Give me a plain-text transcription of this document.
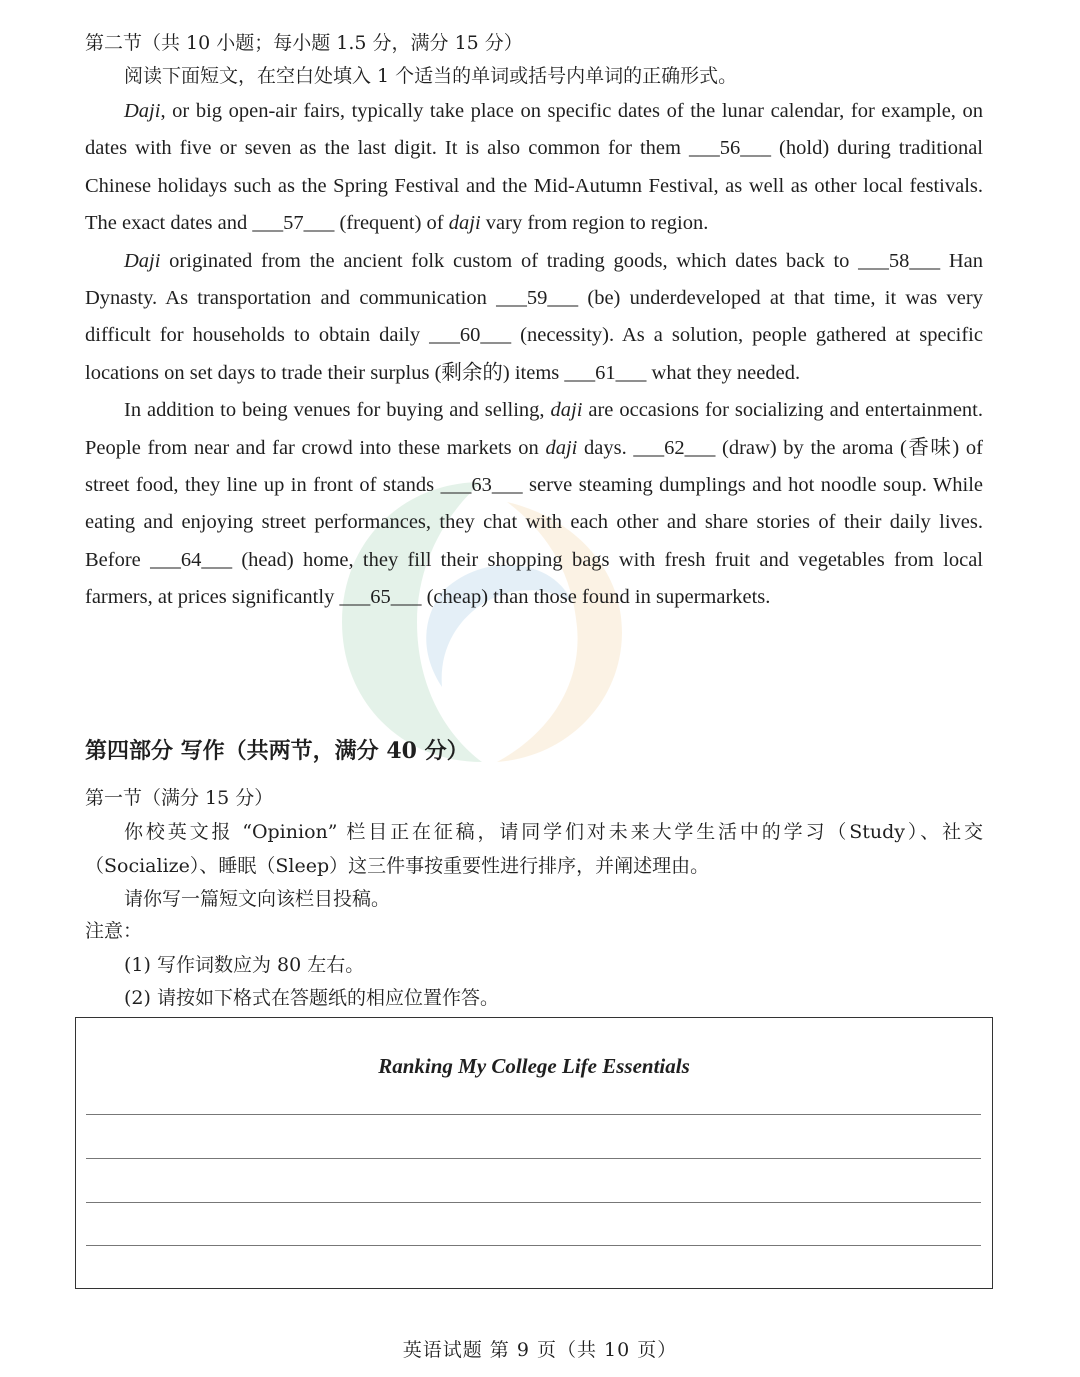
第二节（共 10 小题；每小题 1.5 分，满分 15 分）
阅读下面短文，在空白处填入 1 个适当的单词或括号内单词的正确形式。

Daji, or big open-air fairs, typically take place on specific dates of the lunar calendar, for example, on dates with five or seven as the last digit. It is also common for them ___56___ (hold) during traditional Chinese holidays such as the Spring Festival and the Mid-Autumn Festival, as well as other local festivals. The exact dates and ___57___ (frequent) of daji vary from region to region.

Daji originated from the ancient folk custom of trading goods, which dates back to ___58___ Han Dynasty. As transportation and communication ___59___ (be) underdeveloped at that time, it was very difficult for households to obtain daily ___60___ (necessity). As a solution, people gathered at specific locations on set days to trade their surplus (剩余的) items ___61___ what they needed.

In addition to being venues for buying and selling, daji are occasions for socializing and entertainment. People from near and far crowd into these markets on daji days. ___62___ (draw) by the aroma (香味) of street food, they line up in front of stands ___63___ serve steaming dumplings and hot noodle soup. While eating and enjoying street performances, they chat with each other and share stories of their daily lives. Before ___64___ (head) home, they fill their shopping bags with fresh fruit and vegetables from local farmers, at prices significantly ___65___ (cheap) than those found in supermarkets.

第四部分 写作（共两节，满分 40 分）
第一节（满分 15 分）

你校英文报 “Opinion” 栏目正在征稿，请同学们对未来大学生活中的学习（Study）、社交（Socialize）、睡眠（Sleep）这三件事按重要性进行排序，并阐述理由。

请你写一篇短文向该栏目投稿。

注意：
(1) 写作词数应为 80 左右。
(2) 请按如下格式在答题纸的相应位置作答。
Ranking My College Life Essentials
英语试题 第 9 页（共 10 页）
